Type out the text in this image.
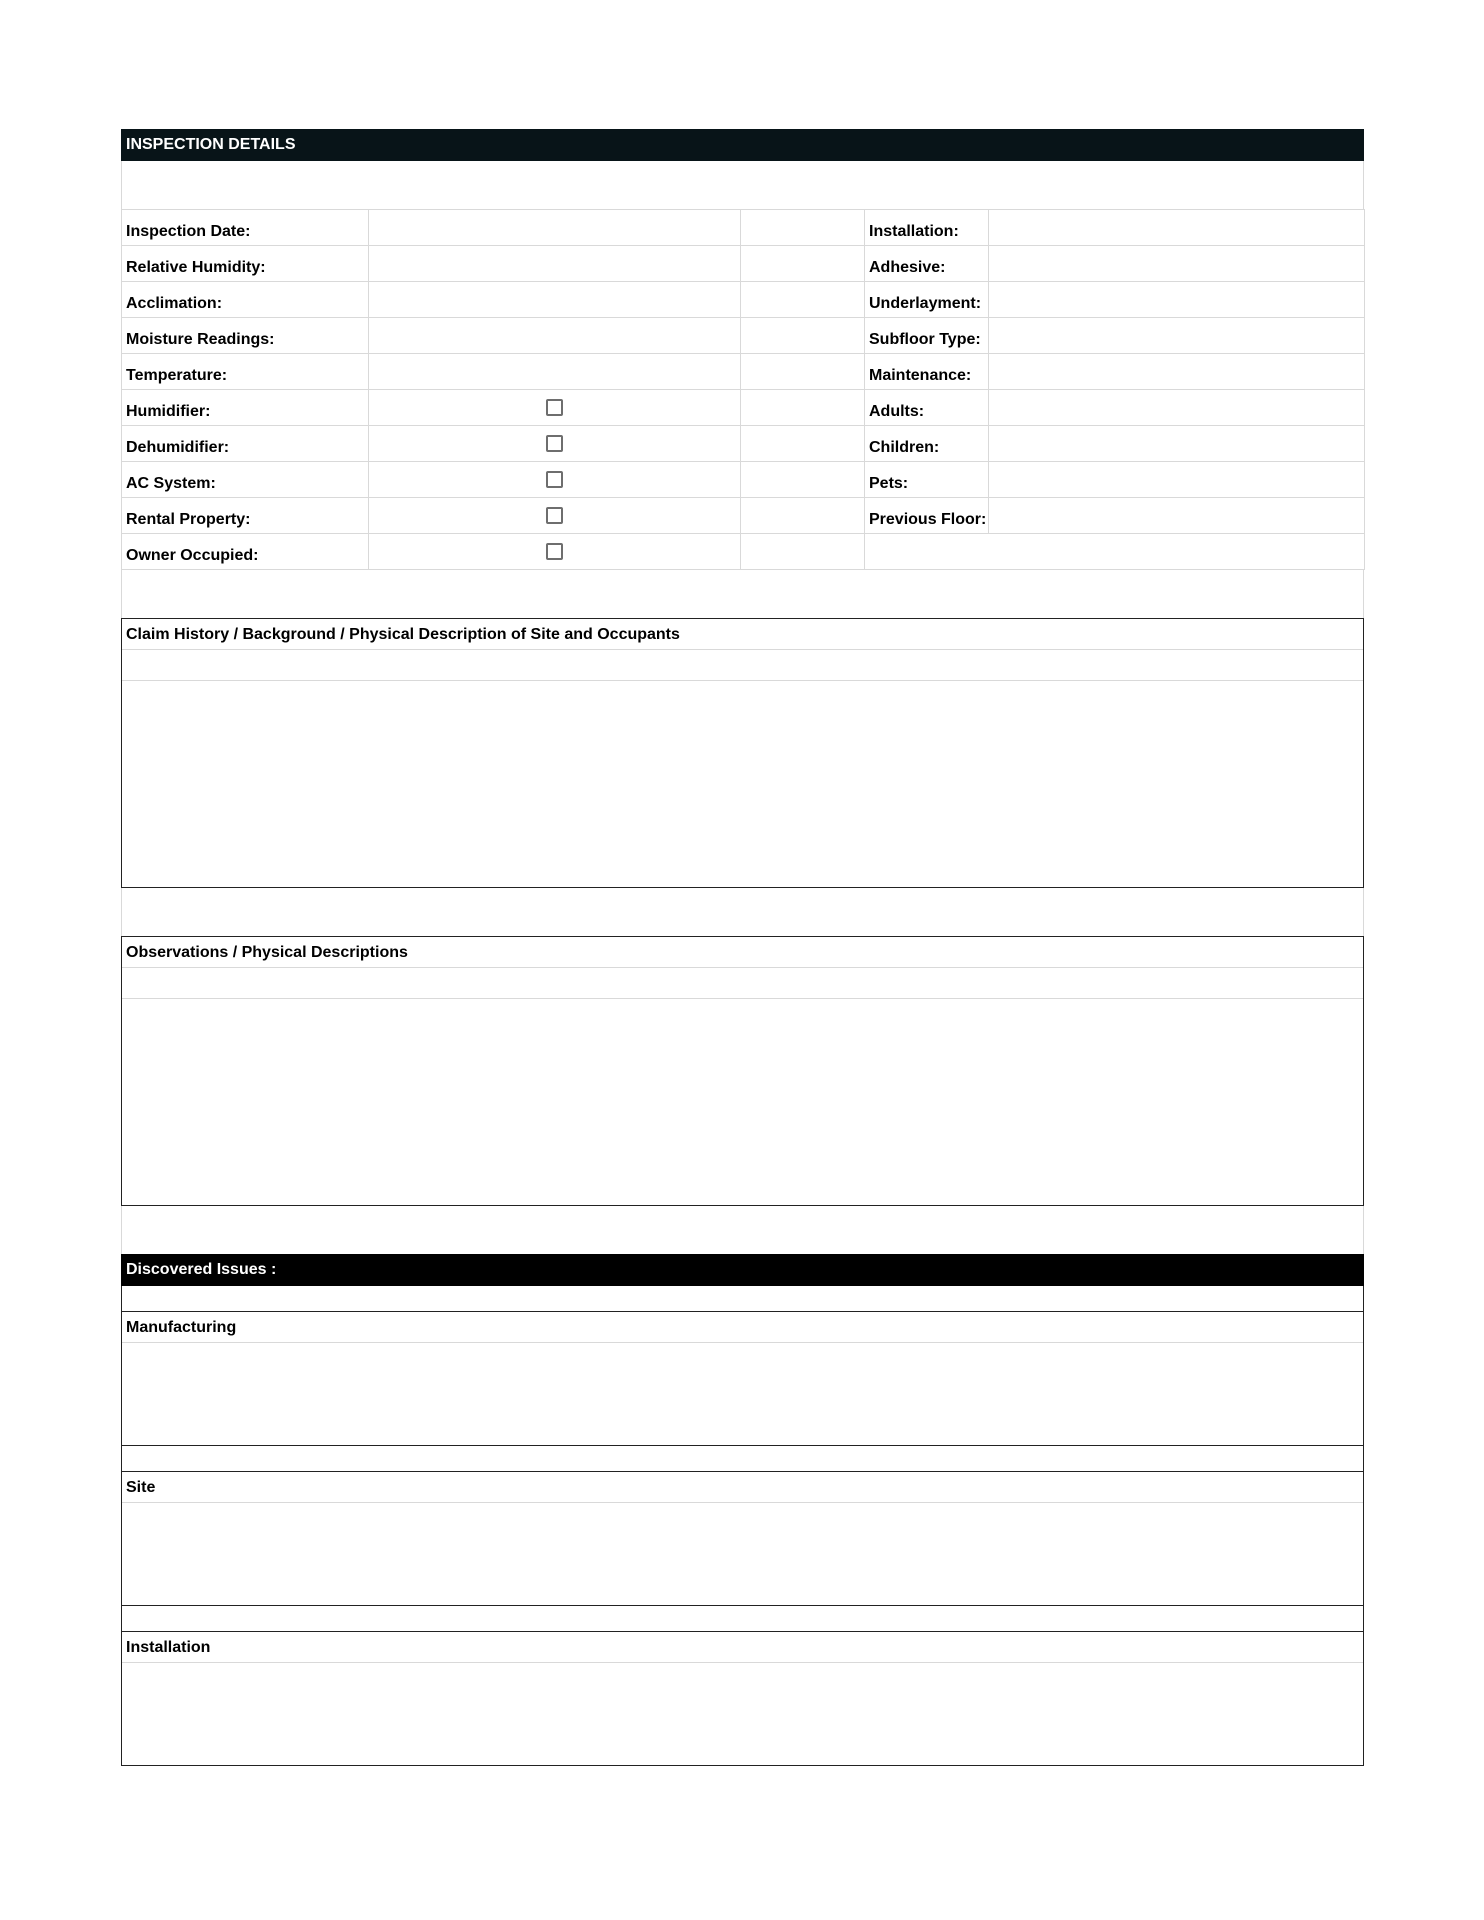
INSPECTION DETAILS
Inspection Date:			Installation:	
Relative Humidity:			Adhesive:	
Acclimation:			Underlayment:	
Moisture Readings:			Subfloor Type:	
Temperature:			Maintenance:	
Humidifier:			Adults:	
Dehumidifier:			Children:	
AC System:			Pets:	
Rental Property:			Previous Floor:	
Owner Occupied:				
Claim History / Background / Physical Description of Site and Occupants
Observations / Physical Descriptions
Discovered Issues :
Manufacturing
Site
Installation
